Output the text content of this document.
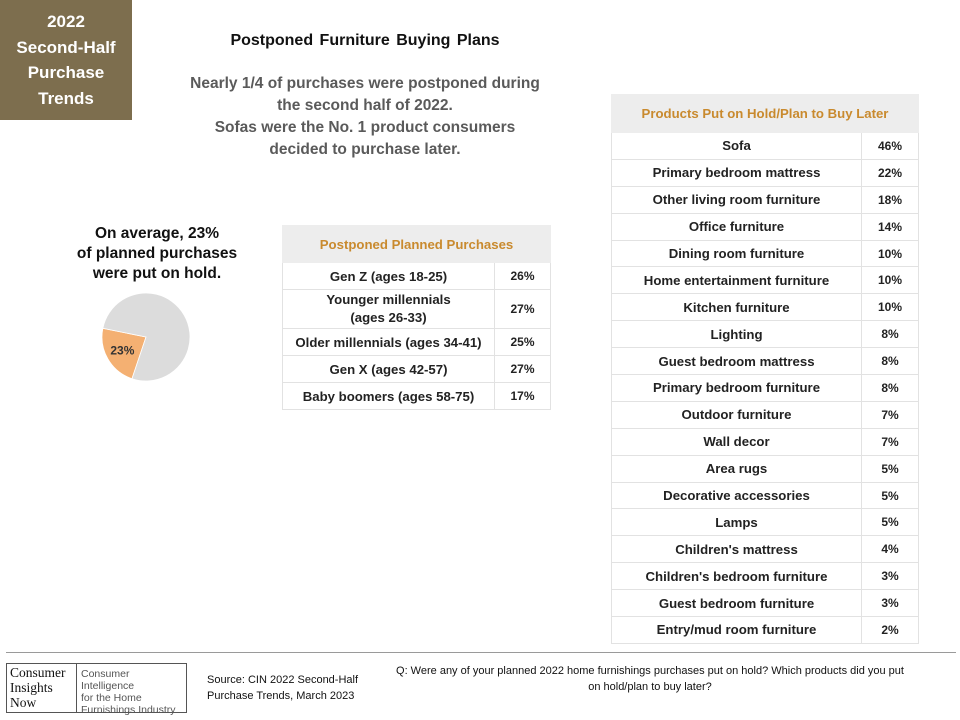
2022
Second-Half
Purchase
Trends
Postponed Furniture Buying Plans
Nearly 1/4 of purchases were postponed during
the second half of 2022.
Sofas were the No. 1 product consumers
decided to purchase later.
On average, 23%
of planned purchases
were put on hold.
23%
Postponed Planned Purchases	
Gen Z (ages 18-25)	26%

Younger millennials
(ages 26-33)	27%
Older millennials (ages 34-41)	25%
Gen X (ages 42-57)	27%
Baby boomers (ages 58-75)	17%
Products Put on Hold/Plan to Buy Later	
Sofa	46%
Primary bedroom mattress	22%
Other living room furniture	18%
Office furniture	14%
Dining room furniture	10%
Home entertainment furniture	10%
Kitchen furniture	10%
Lighting	8%
Guest bedroom mattress	8%
Primary bedroom furniture	8%
Outdoor furniture	7%
Wall decor	7%
Area rugs	5%
Decorative accessories	5%
Lamps	5%
Children's mattress	4%
Children's bedroom furniture	3%
Guest bedroom furniture	3%
Entry/mud room furniture	2%
Consumer
Insights
Now
Consumer Intelligence
for the Home
Furnishings Industry
Source: CIN 2022 Second-Half
Purchase Trends, March 2023
Q: Were any of your planned 2022 home furnishings purchases put on hold? Which products did you put on hold/plan to buy later?
